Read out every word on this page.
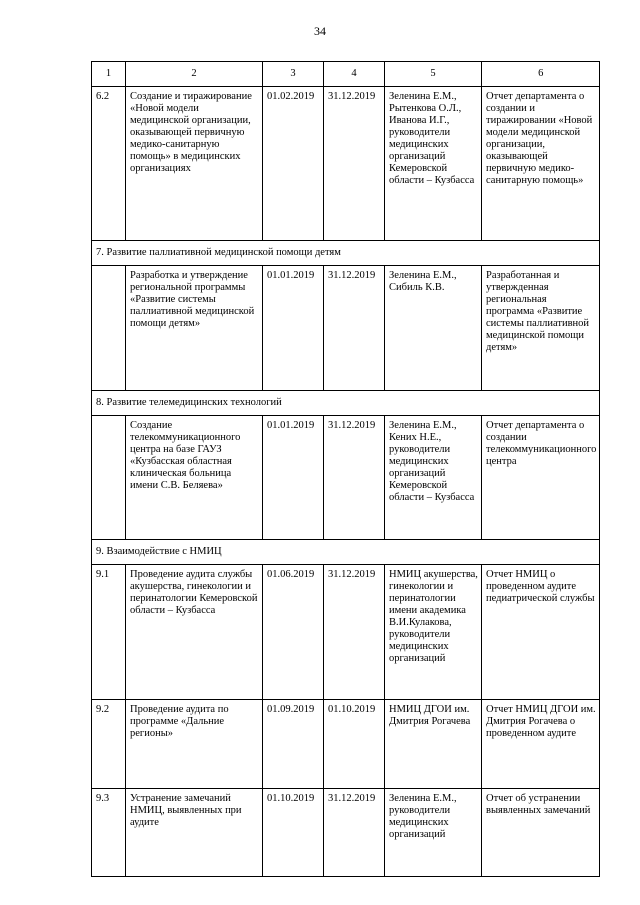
34
1	2	3	4	5	6
6.2	Создание и тиражирование «Новой модели медицинской организации, оказывающей первичную медико-санитарную помощь» в медицинских организациях	01.02.2019	31.12.2019	Зеленина Е.М., Рытенкова О.Л., Иванова И.Г., руководители медицинских организаций Кемеровской области – Кузбасса	Отчет департамента о создании и тиражировании «Новой модели медицинской организации, оказывающей первичную медико-санитарную помощь»
7. Развитие паллиативной медицинской помощи детям					
	Разработка и утверждение региональной программы «Развитие системы паллиативной медицинской помощи детям»	01.01.2019	31.12.2019	Зеленина Е.М., Сибиль К.В.	Разработанная и утвержденная региональная программа «Развитие системы паллиативной медицинской помощи детям»
8. Развитие телемедицинских технологий					
	Создание телекоммуникационного центра на базе ГАУЗ «Кузбасская областная клиническая больница имени С.В. Беляева»	01.01.2019	31.12.2019	Зеленина Е.М., Кених Н.Е., руководители медицинских организаций Кемеровской области – Кузбасса	Отчет департамента о создании телекоммуникационного центра
9. Взаимодействие с НМИЦ					
9.1	Проведение аудита службы акушерства, гинекологии и перинатологии Кемеровской области – Кузбасса	01.06.2019	31.12.2019	НМИЦ акушерства, гинекологии и перинатологии имени академика В.И.Кулакова, руководители медицинских организаций	Отчет НМИЦ о проведенном аудите педиатрической службы
9.2	Проведение аудита по программе «Дальние регионы»	01.09.2019	01.10.2019	НМИЦ ДГОИ им. Дмитрия Рогачева	Отчет НМИЦ ДГОИ им. Дмитрия Рогачева о проведенном аудите
9.3	Устранение замечаний НМИЦ, выявленных при аудите	01.10.2019	31.12.2019	Зеленина Е.М., руководители медицинских организаций	Отчет об устранении выявленных замечаний
